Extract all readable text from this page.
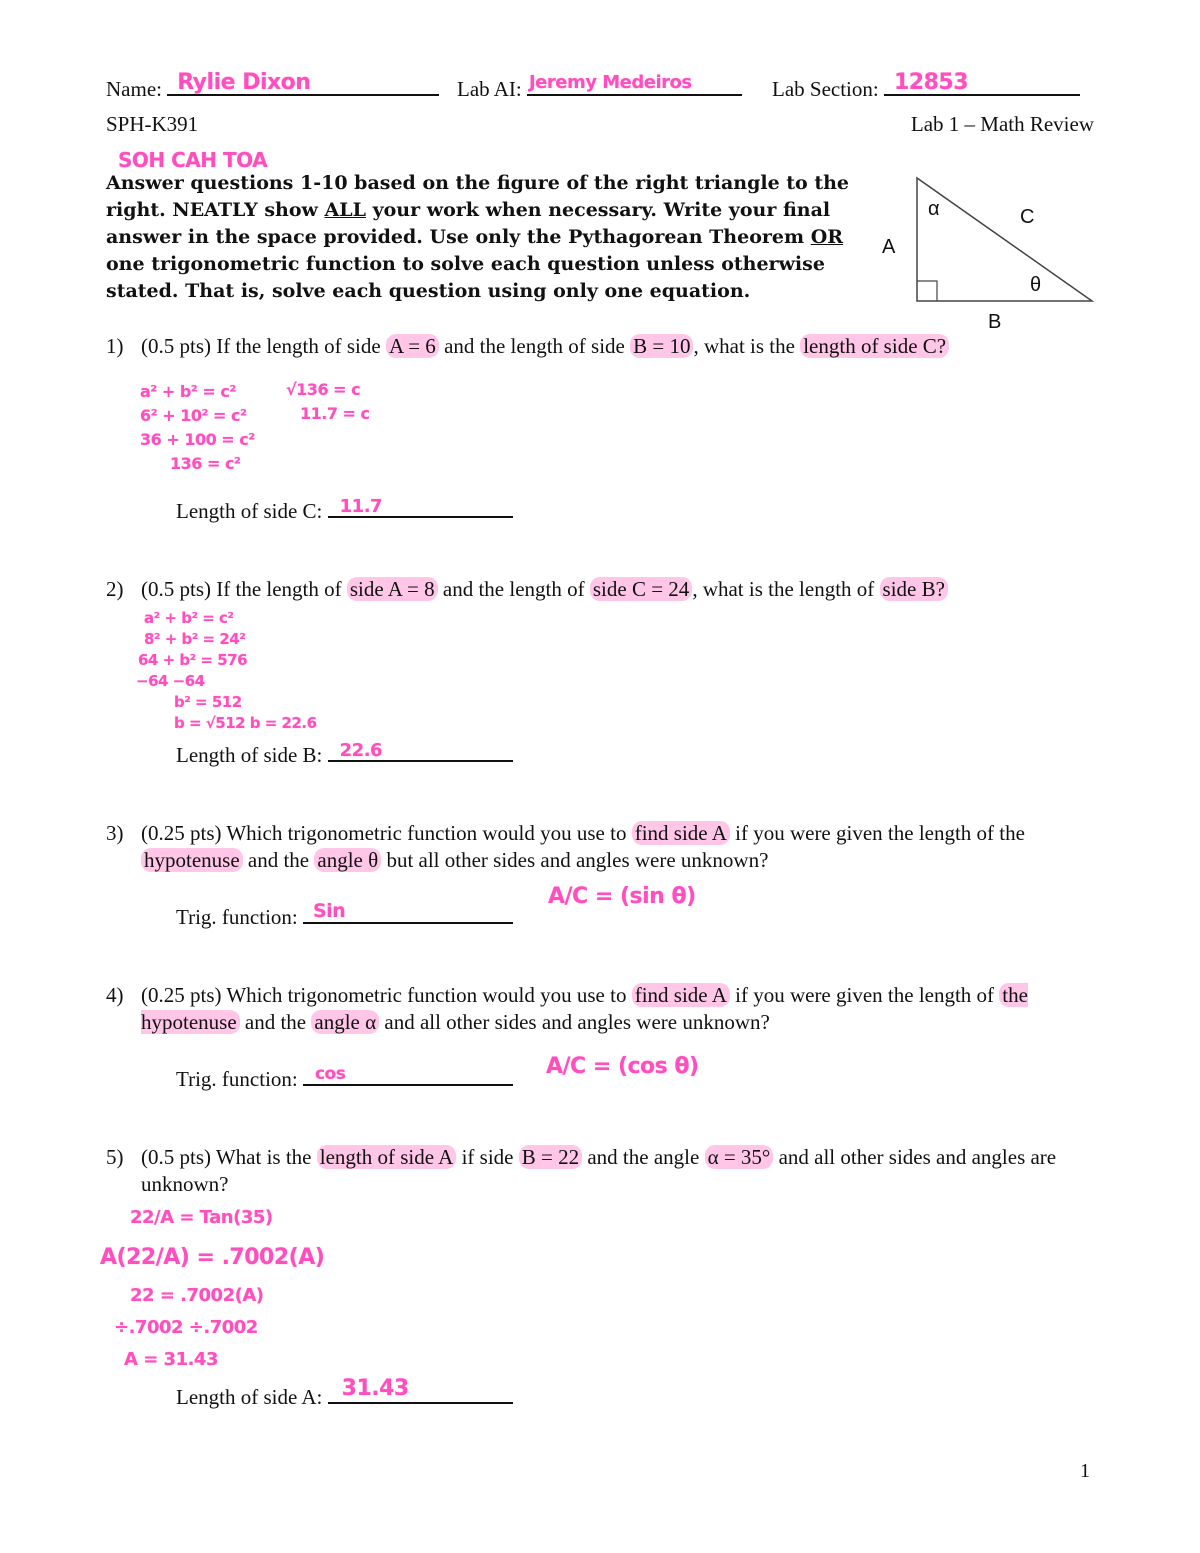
Name: Rylie Dixon	Lab AI: Jeremy Medeiros	Lab Section: 12853
SPH-K391	Lab 1 – Math Review
SOH CAH TOA
Answer questions 1-10 based on the figure of the right triangle to the right. NEATLY show ALL your work when necessary. Write your final answer in the space provided. Use only the Pythagorean Theorem OR one trigonometric function to solve each question unless otherwise stated. That is, solve each question using only one equation.
A
B
C
α
θ
1) (0.5 pts) If the length of side A = 6 and the length of side B = 10 , what is the length of side C?
a² + b² = c²
6² + 10² = c²
36 + 100 = c²
136 = c²
√136 = c
11.7 = c
Length of side C: 11.7
2) (0.5 pts) If the length of side A = 8 and the length of side C = 24 , what is the length of side B?
a² + b² = c²
8² + b² = 24²
64 + b² = 576
−64 −64
b² = 512
b = √512 b = 22.6
Length of side B: 22.6
3) (0.25 pts) Which trigonometric function would you use to find side A if you were given the length of the hypotenuse and the angle θ but all other sides and angles were unknown?
Trig. function: Sin
A/C = (sin θ)
4) (0.25 pts) Which trigonometric function would you use to find side A if you were given the length of the hypotenuse and the angle α and all other sides and angles were unknown?
Trig. function: cos	A/C = (cos θ)
5) (0.5 pts) What is the length of side A if side B = 22 and the angle α = 35° and all other sides and angles are unknown?
22/A = Tan(35)
A(22/A) = .7002(A)
22 = .7002(A)
÷.7002 ÷.7002
A = 31.43
Length of side A: 31.43
1
